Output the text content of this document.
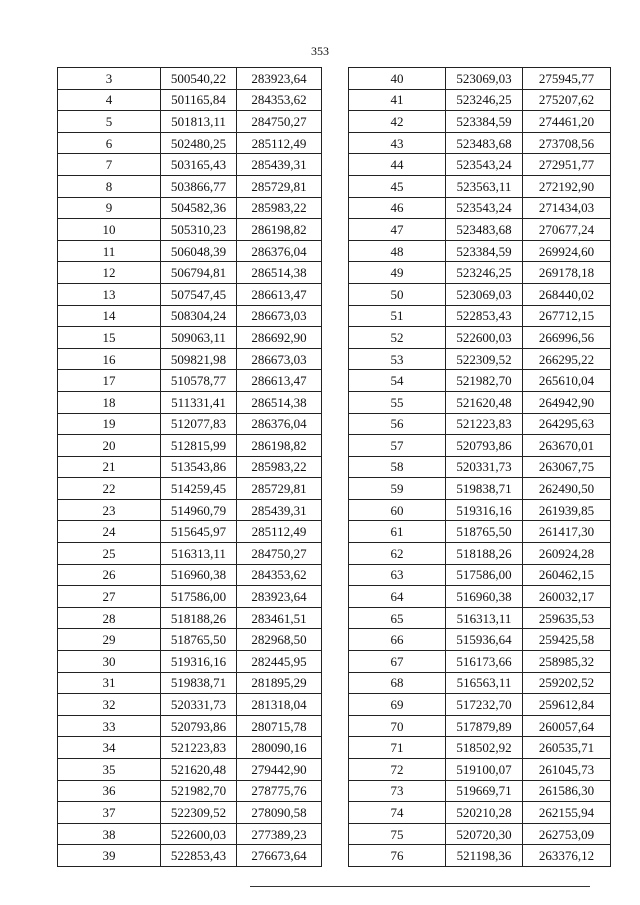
353
3	500540,22	283923,64
4	501165,84	284353,62
5	501813,11	284750,27
6	502480,25	285112,49
7	503165,43	285439,31
8	503866,77	285729,81
9	504582,36	285983,22
10	505310,23	286198,82
11	506048,39	286376,04
12	506794,81	286514,38
13	507547,45	286613,47
14	508304,24	286673,03
15	509063,11	286692,90
16	509821,98	286673,03
17	510578,77	286613,47
18	511331,41	286514,38
19	512077,83	286376,04
20	512815,99	286198,82
21	513543,86	285983,22
22	514259,45	285729,81
23	514960,79	285439,31
24	515645,97	285112,49
25	516313,11	284750,27
26	516960,38	284353,62
27	517586,00	283923,64
28	518188,26	283461,51
29	518765,50	282968,50
30	519316,16	282445,95
31	519838,71	281895,29
32	520331,73	281318,04
33	520793,86	280715,78
34	521223,83	280090,16
35	521620,48	279442,90
36	521982,70	278775,76
37	522309,52	278090,58
38	522600,03	277389,23
39	522853,43	276673,64
40	523069,03	275945,77
41	523246,25	275207,62
42	523384,59	274461,20
43	523483,68	273708,56
44	523543,24	272951,77
45	523563,11	272192,90
46	523543,24	271434,03
47	523483,68	270677,24
48	523384,59	269924,60
49	523246,25	269178,18
50	523069,03	268440,02
51	522853,43	267712,15
52	522600,03	266996,56
53	522309,52	266295,22
54	521982,70	265610,04
55	521620,48	264942,90
56	521223,83	264295,63
57	520793,86	263670,01
58	520331,73	263067,75
59	519838,71	262490,50
60	519316,16	261939,85
61	518765,50	261417,30
62	518188,26	260924,28
63	517586,00	260462,15
64	516960,38	260032,17
65	516313,11	259635,53
66	515936,64	259425,58
67	516173,66	258985,32
68	516563,11	259202,52
69	517232,70	259612,84
70	517879,89	260057,64
71	518502,92	260535,71
72	519100,07	261045,73
73	519669,71	261586,30
74	520210,28	262155,94
75	520720,30	262753,09
76	521198,36	263376,12
